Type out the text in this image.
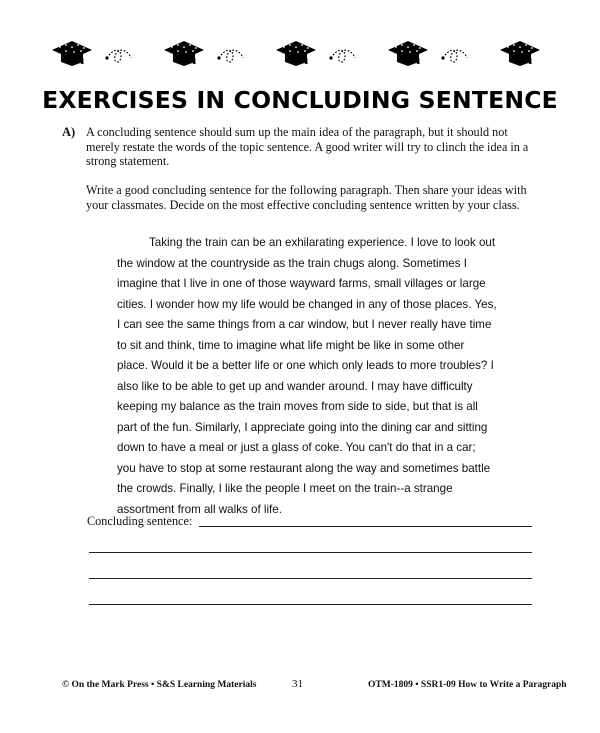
EXERCISES IN CONCLUDING SENTENCE
A) A concluding sentence should sum up the main idea of the paragraph, but it should not merely restate the words of the topic sentence. A good writer will try to clinch the idea in a strong statement.

Write a good concluding sentence for the following paragraph. Then share your ideas with your classmates. Decide on the most effective concluding sentence written by your class.

Taking the train can be an exhilarating experience. I love to look out the window at the countryside as the train chugs along. Sometimes I imagine that I live in one of those wayward farms, small villages or large cities. I wonder how my life would be changed in any of those places. Yes, I can see the same things from a car window, but I never really have time to sit and think, time to imagine what life might be like in some other place. Would it be a better life or one which only leads to more troubles? I also like to be able to get up and wander around. I may have difficulty keeping my balance as the train moves from side to side, but that is all part of the fun. Similarly, I appreciate going into the dining car and sitting down to have a meal or just a glass of coke. You can't do that in a car; you have to stop at some restaurant along the way and sometimes battle the crowds. Finally, I like the people I meet on the train--a strange assortment from all walks of life.

Concluding sentence:
© On the Mark Press • S&S Learning Materials	31	OTM-1809 • SSR1-09 How to Write a Paragraph
